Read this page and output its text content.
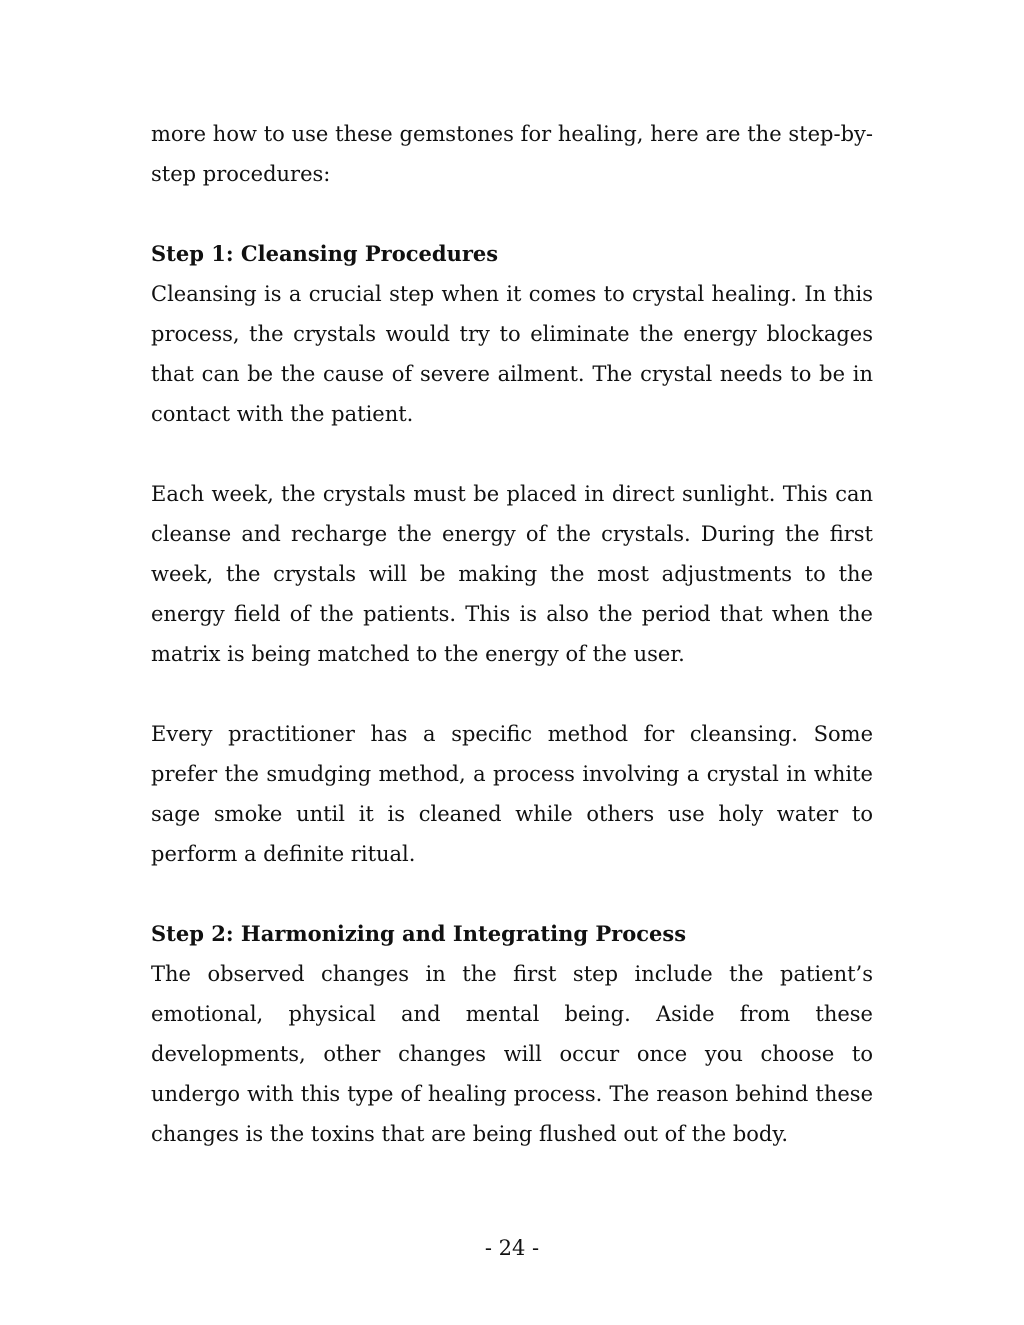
more how to use these gemstones for healing, here are the step-by-step procedures:

Step 1: Cleansing Procedures

Cleansing is a crucial step when it comes to crystal healing. In this process, the crystals would try to eliminate the energy blockages that can be the cause of severe ailment. The crystal needs to be in contact with the patient.

Each week, the crystals must be placed in direct sunlight. This can cleanse and recharge the energy of the crystals. During the first week, the crystals will be making the most adjustments to the energy field of the patients. This is also the period that when the matrix is being matched to the energy of the user.

Every practitioner has a specific method for cleansing. Some prefer the smudging method, a process involving a crystal in white sage smoke until it is cleaned while others use holy water to perform a definite ritual.

Step 2: Harmonizing and Integrating Process

The observed changes in the first step include the patient’s emotional, physical and mental being. Aside from these developments, other changes will occur once you choose to undergo with this type of healing process. The reason behind these changes is the toxins that are being flushed out of the body.

- 24 -
